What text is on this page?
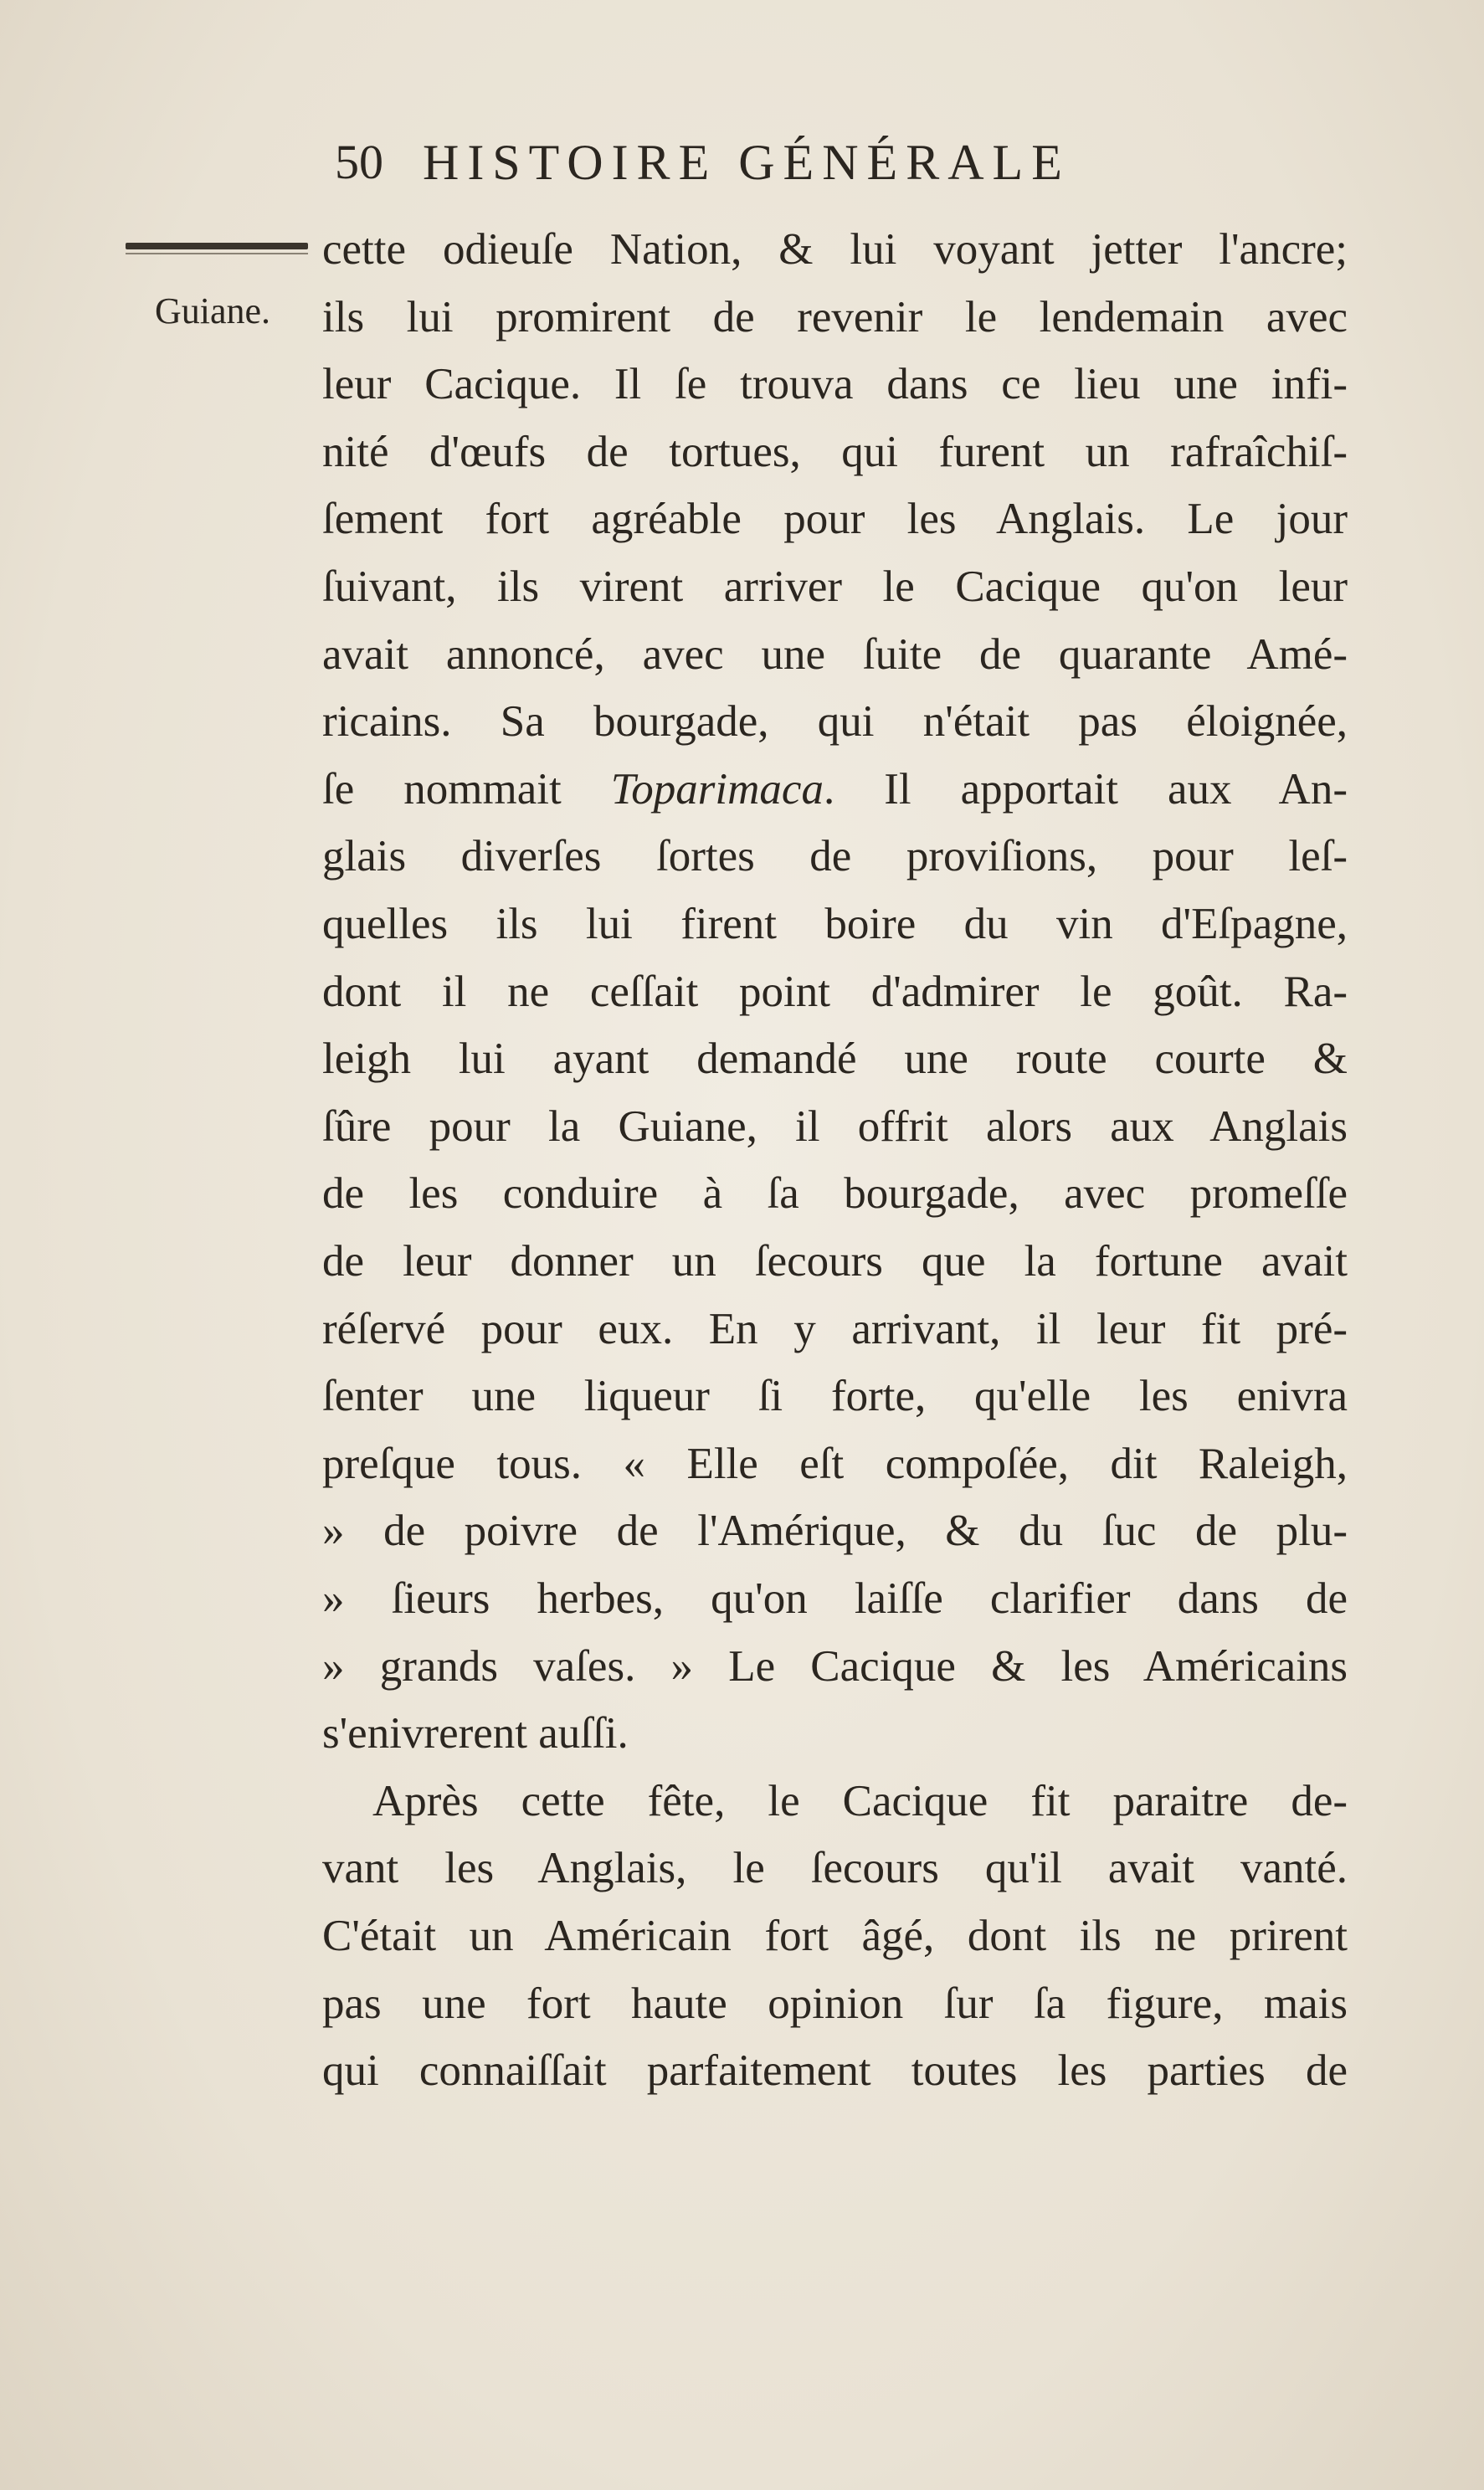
50 HISTOIRE GÉNÉRALE
Guiane.
cette odieuſe Nation, & lui voyant jetter l'ancre;
ils lui promirent de revenir le lendemain avec
leur Cacique. Il ſe trouva dans ce lieu une infi-
nité d'œufs de tortues, qui furent un rafraîchiſ-
ſement fort agréable pour les Anglais. Le jour
ſuivant, ils virent arriver le Cacique qu'on leur
avait annoncé, avec une ſuite de quarante Amé-
ricains. Sa bourgade, qui n'était pas éloignée,
ſe nommait Toparimaca. Il apportait aux An-
glais diverſes ſortes de proviſions, pour leſ-
quelles ils lui firent boire du vin d'Eſpagne,
dont il ne ceſſait point d'admirer le goût. Ra-
leigh lui ayant demandé une route courte &
ſûre pour la Guiane, il offrit alors aux Anglais
de les conduire à ſa bourgade, avec promeſſe
de leur donner un ſecours que la fortune avait
réſervé pour eux. En y arrivant, il leur fit pré-
ſenter une liqueur ſi forte, qu'elle les enivra
preſque tous. « Elle eſt compoſée, dit Raleigh,
» de poivre de l'Amérique, & du ſuc de plu-
» ſieurs herbes, qu'on laiſſe clarifier dans de
» grands vaſes. » Le Cacique & les Américains
s'enivrerent auſſi.
Après cette fête, le Cacique fit paraitre de-
vant les Anglais, le ſecours qu'il avait vanté.
C'était un Américain fort âgé, dont ils ne prirent
pas une fort haute opinion ſur ſa figure, mais
qui connaiſſait parfaitement toutes les parties de
